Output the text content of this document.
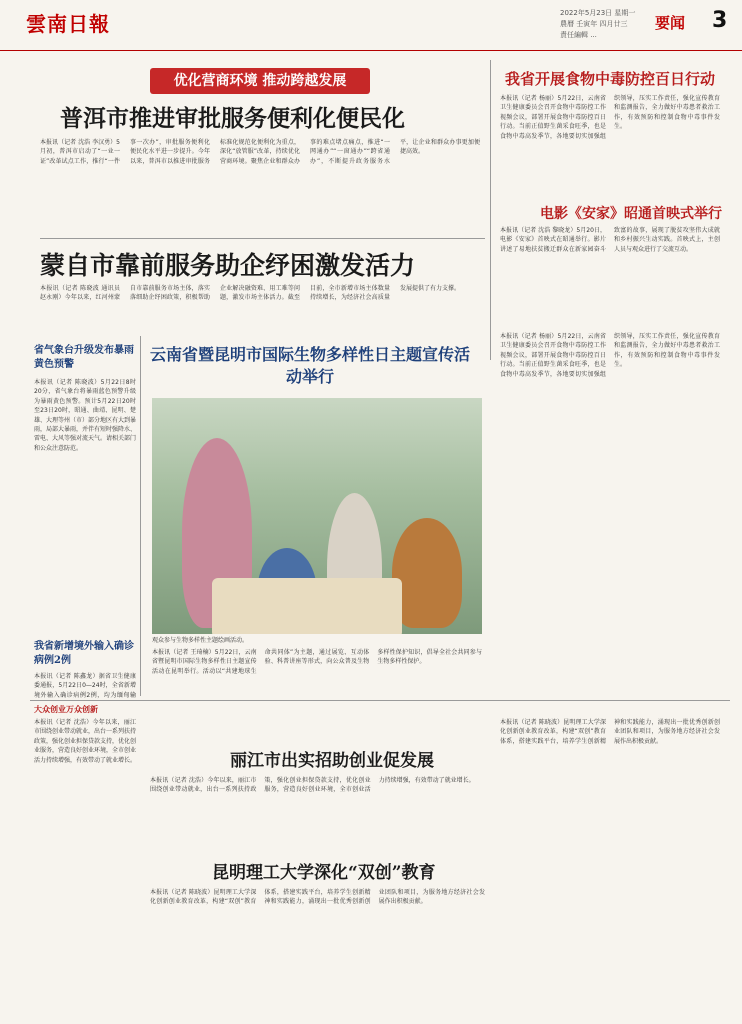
雲南日報	2022年5月23日 星期一
農曆 壬寅年 四月廿三
責任編輯 ...
要闻 3
优化营商环境 推动跨越发展
普洱市推进审批服务便利化便民化
本报讯（记者 沈浩 李汉勇）5月初，普洱市启动了“一业一证”改革试点工作，推行“一件事一次办”，审批服务便利化便民化水平进一步提升。今年以来，普洱市以推进审批服务标准化规范化便利化为重点，深化“放管服”改革，持续优化营商环境。聚焦企业和群众办事的难点堵点痛点，推进“一网通办”“一窗通办”“跨省通办”，不断提升政务服务水平，让企业和群众办事更加便捷高效。
我省开展食物中毒防控百日行动
本报讯（记者 杨丽）5月22日，云南省卫生健康委员会召开食物中毒防控工作视频会议，部署开展食物中毒防控百日行动。当前正值野生菌采食旺季，也是食物中毒高发季节，各地要切实加强组织领导，压实工作责任，强化宣传教育和监测报告，全力做好中毒患者救治工作，有效预防和控制食物中毒事件发生。
电影《安家》昭通首映式举行
本报讯（记者 沈浩 黎晓龙）5月20日，电影《安家》首映式在昭通举行。影片讲述了易地扶贫搬迁群众在新家园奋斗致富的故事，展现了脱贫攻坚伟大成就和乡村振兴生动实践。首映式上，主创人员与观众进行了交流互动。
蒙自市靠前服务助企纾困激发活力
本报讯（记者 陈晓波 通讯员 赵永刚）今年以来，红河州蒙自市靠前服务市场主体，落实落细助企纾困政策，积极帮助企业解决融资难、用工难等问题，激发市场主体活力。截至目前，全市新增市场主体数量持续增长，为经济社会高质量发展提供了有力支撑。
省气象台升级发布暴雨黄色预警
本报讯（记者 陈晓波）5月22日8时20分，省气象台将暴雨蓝色预警升级为暴雨黄色预警。预计5月22日20时至23日20时，昭通、曲靖、昆明、楚雄、大理等州（市）部分地区有大到暴雨，局部大暴雨，并伴有短时强降水、雷电、大风等强对流天气。请相关部门和公众注意防范。
我省新增境外输入确诊病例2例
本报讯（记者 陈鑫龙）据省卫生健康委通报，5月22日0—24时，全省新增境外输入确诊病例2例，均为缅甸输
云南省暨昆明市国际生物多样性日主题宣传活动举行
观众参与生物多样性主题绘画活动。
本报讯（记者 王琦楠）5月22日，云南省暨昆明市国际生物多样性日主题宣传活动在昆明举行。活动以“共建地球生命共同体”为主题，通过展览、互动体验、科普讲座等形式，向公众普及生物多样性保护知识，倡导全社会共同参与生物多样性保护。
本报讯（记者 杨丽）5月22日，云南省卫生健康委员会召开食物中毒防控工作视频会议，部署开展食物中毒防控百日行动。当前正值野生菌采食旺季，也是食物中毒高发季节，各地要切实加强组织领导，压实工作责任，强化宣传教育和监测报告，全力做好中毒患者救治工作，有效预防和控制食物中毒事件发生。
大众创业万众创新
本报讯（记者 沈浩）今年以来，丽江市围绕创业带动就业，出台一系列扶持政策，强化创业担保贷款支持，优化创业服务，营造良好创业环境，全市创业活力持续增强，有效带动了就业增长。	丽江市出实招助创业促发展
本报讯（记者 沈浩）今年以来，丽江市围绕创业带动就业，出台一系列扶持政策，强化创业担保贷款支持，优化创业服务，营造良好创业环境，全市创业活力持续增强，有效带动了就业增长。
昆明理工大学深化“双创”教育
本报讯（记者 陈晓波）昆明理工大学深化创新创业教育改革，构建“双创”教育体系，搭建实践平台，培养学生创新精神和实践能力，涌现出一批优秀创新创业团队和项目，为服务地方经济社会发展作出积极贡献。
本报讯（记者 陈晓波）昆明理工大学深化创新创业教育改革，构建“双创”教育体系，搭建实践平台，培养学生创新精神和实践能力，涌现出一批优秀创新创业团队和项目，为服务地方经济社会发展作出积极贡献。
